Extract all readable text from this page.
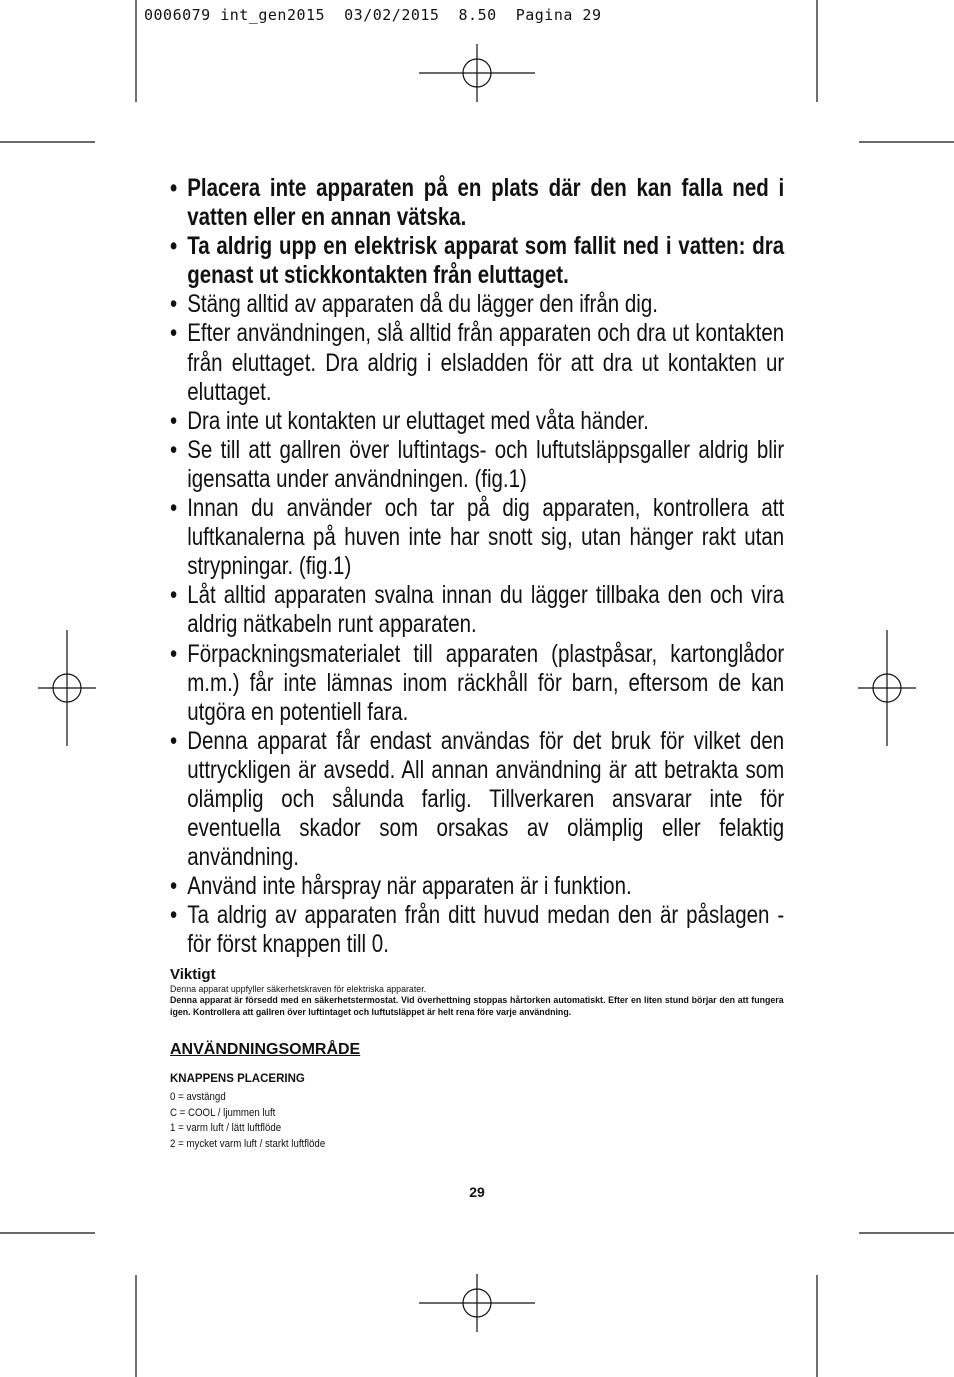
0006079 int_gen2015  03/02/2015  8.50  Pagina 29
• Placera inte apparaten på en plats där den kan falla ned i vatten eller en annan vätska.
• Ta aldrig upp en elektrisk apparat som fallit ned i vatten: dra genast ut stickkontakten från eluttaget.
• Stäng alltid av apparaten då du lägger den ifrån dig.
• Efter användningen, slå alltid från apparaten och dra ut kontakten från eluttaget. Dra aldrig i elsladden för att dra ut kontakten ur eluttaget.
• Dra inte ut kontakten ur eluttaget med våta händer.
• Se till att gallren över luftintags- och luftutsläppsgaller aldrig blir igensatta under användningen. (fig.1)
• Innan du använder och tar på dig apparaten, kontrollera att luftkanalerna på huven inte har snott sig, utan hänger rakt utan strypningar. (fig.1)
• Låt alltid apparaten svalna innan du lägger tillbaka den och vira aldrig nätkabeln runt apparaten.
• Förpackningsmaterialet till apparaten (plastpåsar, kartonglådor m.m.) får inte lämnas inom räckhåll för barn, eftersom de kan utgöra en potentiell fara.
• Denna apparat får endast användas för det bruk för vilket den uttryckligen är avsedd. All annan användning är att betrakta som olämplig och sålunda farlig. Tillverkaren ansvarar inte för eventuella skador som orsakas av olämplig eller felaktig användning.
• Använd inte hårspray när apparaten är i funktion.
• Ta aldrig av apparaten från ditt huvud medan den är påslagen - för först knappen till 0.
Viktigt
Denna apparat uppfyller säkerhetskraven för elektriska apparater.
Denna apparat är försedd med en säkerhetstermostat. Vid överhettning stoppas hårtorken automatiskt. Efter en liten stund börjar den att fungera igen. Kontrollera att gallren över luftintaget och luftutsläppet är helt rena före varje användning.
ANVÄNDNINGSOMRÅDE
KNAPPENS PLACERING
0 = avstängd
C = COOL / ljummen luft
1 = varm luft / lätt luftflöde
2 = mycket varm luft / starkt luftflöde
29
